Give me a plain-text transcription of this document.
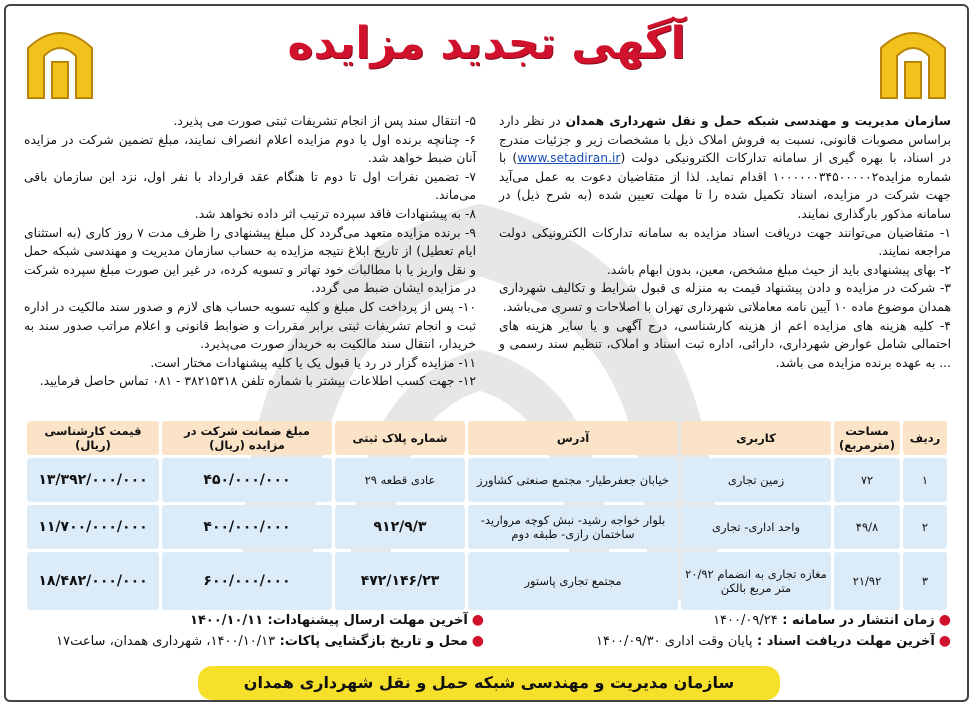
آگهی تجدید مزایده

سازمان مدیریت و مهندسی شبکه حمل و نقل شهرداری همدان در نظر دارد براساس مصوبات قانونی، نسبت به فروش املاک ذیل با مشخصات زیر و جزئیات مندرج در اسناد، با بهره گیری از سامانه تدارکات الکترونیکی دولت (www.setadiran.ir) با شماره مزایده۱۰۰۰۰۰۰۳۴۵۰۰۰۰۰۲ اقدام نماید. لذا از متقاضیان دعوت به عمل می‌آید جهت شرکت در مزایده، اسناد تکمیل شده را تا مهلت تعیین شده (به شرح ذیل) در سامانه مذکور بارگذاری نمایند.

۱- متقاضیان می‌توانند جهت دریافت اسناد مزایده به سامانه تدارکات الکترونیکی دولت مراجعه نمایند.

۲- بهای پیشنهادی باید از حیث مبلغ مشخص، معین، بدون ابهام باشد.

۳- شرکت در مزایده و دادن پیشنهاد قیمت به منزله ی قبول شرایط و تکالیف شهرداری همدان موضوع ماده ۱۰ آیین نامه معاملاتی شهرداری تهران با اصلاحات و تسری می‌باشد.

۴- کلیه هزینه های مزایده اعم از هزینه کارشناسی، درج آگهی و یا سایر هزینه های احتمالی شامل عوارض شهرداری، دارائی، اداره ثبت اسناد و املاک، تنظیم سند رسمی و ... به عهده برنده مزایده می باشد.

۵- انتقال سند پس از انجام تشریفات ثبتی صورت می پذیرد.

۶- چنانچه برنده اول یا دوم مزایده اعلام انصراف نمایند، مبلغ تضمین شرکت در مزایده آنان ضبط خواهد شد.

۷- تضمین نفرات اول تا دوم تا هنگام عقد قرارداد با نفر اول، نزد این سازمان باقی می‌ماند.

۸- به پیشنهادات فاقد سپرده ترتیب اثر داده نخواهد شد.

۹- برنده مزایده متعهد می‌گردد کل مبلغ پیشنهادی را ظرف مدت ۷ روز کاری (به استثنای ایام تعطیل) از تاریخ ابلاغ نتیجه مزایده به حساب سازمان مدیریت و مهندسی شبکه حمل و نقل واریز یا با مطالبات خود تهاتر و تسویه کرده، در غیر این صورت مبلغ سپرده شرکت در مزایده ایشان ضبط می گردد.

۱۰- پس از پرداخت کل مبلغ و کلیه تسویه حساب های لازم و صدور سند مالکیت در اداره ثبت و انجام تشریفات ثبتی برابر مقررات و ضوابط قانونی و اعلام مراتب صدور سند به خریدار، انتقال سند مالکیت به خریدار صورت می‌پذیرد.

۱۱- مزایده گزار در رد یا قبول یک یا کلیه پیشنهادات مختار است.

۱۲- جهت کسب اطلاعات بیشتر با شماره تلفن ۳۸۲۱۵۳۱۸ - ۰۸۱ تماس حاصل فرمایید.

ردیف	مساحت (مترمربع)	کاربری	آدرس	شماره پلاک ثبتی	مبلغ ضمانت شرکت در مزایده (ریال)	قیمت کارشناسی (ریال)
۱	۷۲	زمین تجاری	خیابان جعفرطیار- مجتمع صنعتی کشاورز	عادی قطعه ۲۹	۴۵۰/۰۰۰/۰۰۰	۱۳/۳۹۲/۰۰۰/۰۰۰
۲	۴۹/۸	واحد اداری- تجاری	بلوار خواجه رشید- نبش کوچه مروارید- ساختمان رازی- طبقه دوم	۹۱۲/۹/۳	۴۰۰/۰۰۰/۰۰۰	۱۱/۷۰۰/۰۰۰/۰۰۰
۳	۲۱/۹۲	مغازه تجاری به انضمام ۲۰/۹۲ متر مربع بالکن	مجتمع تجاری پاستور	۴۷۲/۱۴۶/۲۳	۶۰۰/۰۰۰/۰۰۰	۱۸/۴۸۲/۰۰۰/۰۰۰
●زمان انتشار در سامانه : ۱۴۰۰/۰۹/۲۴
●آخرین مهلت دریافت اسناد : پایان وقت اداری ۱۴۰۰/۰۹/۳۰
●آخرین مهلت ارسال پیشنهادات: ۱۴۰۰/۱۰/۱۱
●محل و تاریخ بازگشایی پاکات: ۱۴۰۰/۱۰/۱۳، شهرداری همدان، ساعت۱۷
سازمان مدیریت و مهندسی شبکه حمل و نقل شهرداری همدان
